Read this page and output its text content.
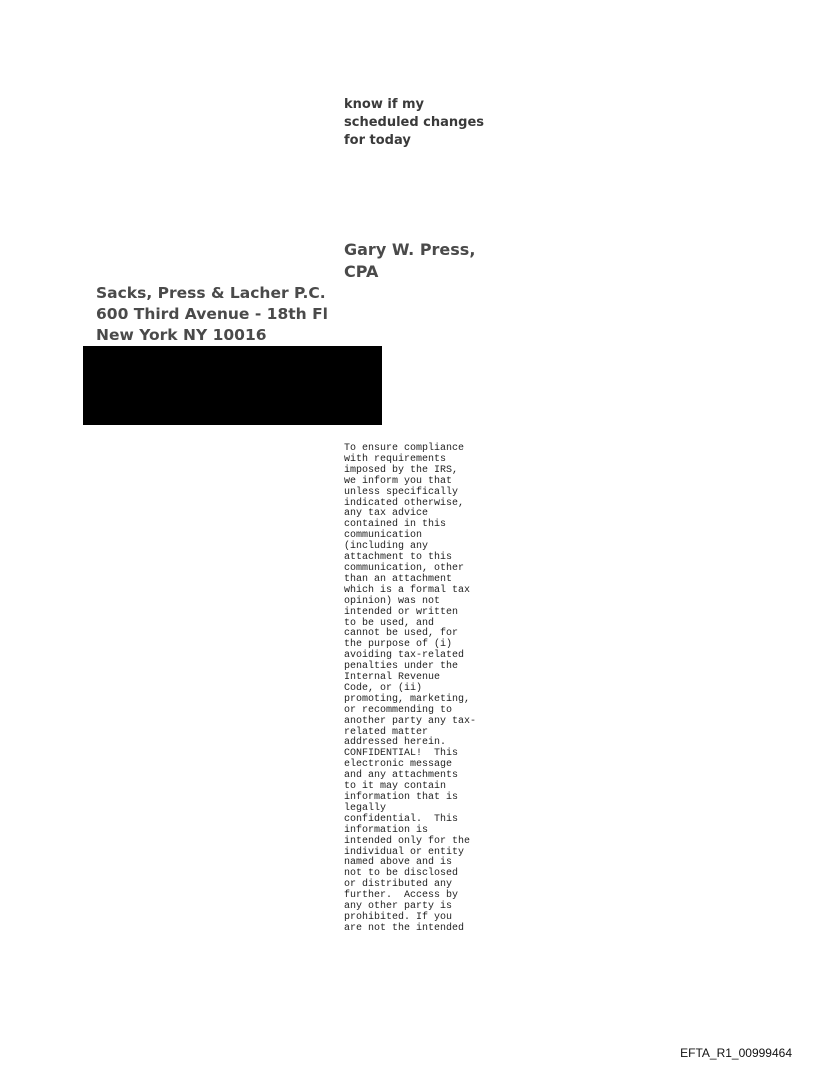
know if my
scheduled changes
for today
Gary W. Press,
CPA
Sacks, Press & Lacher P.C.
600 Third Avenue - 18th Fl
New York NY 10016
To ensure compliance
with requirements
imposed by the IRS,
we inform you that
unless specifically
indicated otherwise,
any tax advice
contained in this
communication
(including any
attachment to this
communication, other
than an attachment
which is a formal tax
opinion) was not
intended or written
to be used, and
cannot be used, for
the purpose of (i)
avoiding tax-related
penalties under the
Internal Revenue
Code, or (ii)
promoting, marketing,
or recommending to
another party any tax-
related matter
addressed herein.
CONFIDENTIAL!  This
electronic message
and any attachments
to it may contain
information that is
legally
confidential.  This
information is
intended only for the
individual or entity
named above and is
not to be disclosed
or distributed any
further.  Access by
any other party is
prohibited. If you
are not the intended
EFTA_R1_00999464
